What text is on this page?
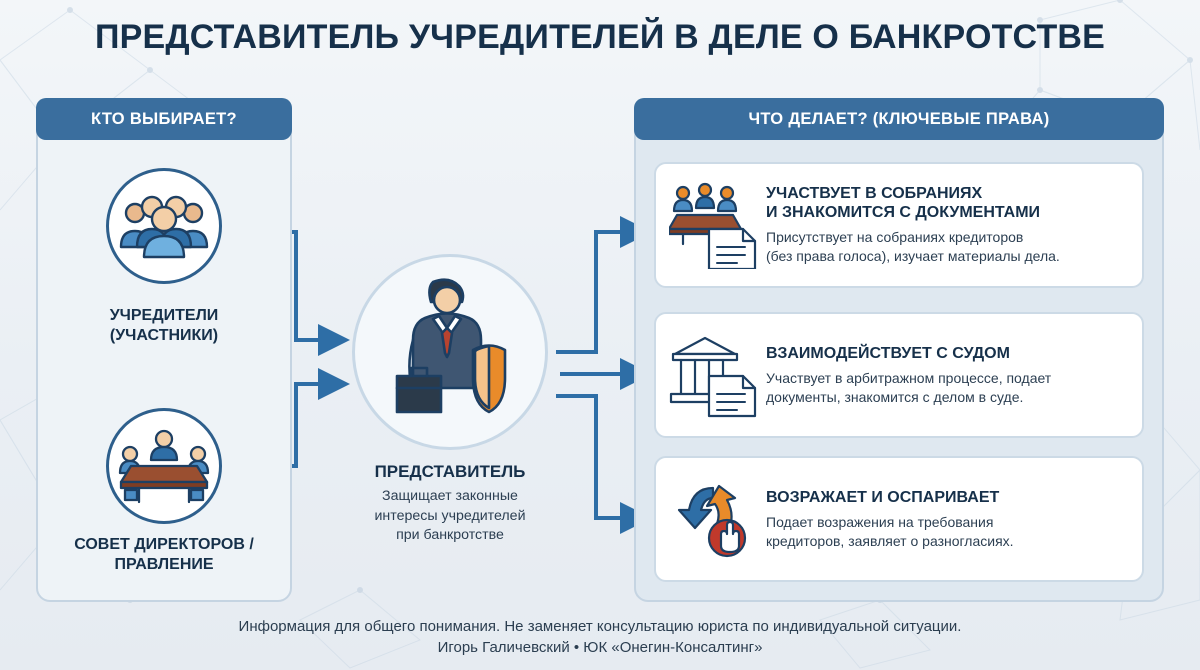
ПРЕДСТАВИТЕЛЬ УЧРЕДИТЕЛЕЙ В ДЕЛЕ О БАНКРОТСТВЕ
КТО ВЫБИРАЕТ?
УЧРЕДИТЕЛИ
(УЧАСТНИКИ)
СОВЕТ ДИРЕКТОРОВ /
ПРАВЛЕНИЕ
ПРЕДСТАВИТЕЛЬ
Защищает законные
интересы учредителей
при банкротстве
ЧТО ДЕЛАЕТ? (КЛЮЧЕВЫЕ ПРАВА)
УЧАСТВУЕТ В СОБРАНИЯХ
И ЗНАКОМИТСЯ С ДОКУМЕНТАМИ
Присутствует на собраниях кредиторов
(без права голоса), изучает материалы дела.
ВЗАИМОДЕЙСТВУЕТ С СУДОМ
Участвует в арбитражном процессе, подает
документы, знакомится с делом в суде.
ВОЗРАЖАЕТ И ОСПАРИВАЕТ
Подает возражения на требования
кредиторов, заявляет о разногласиях.
Информация для общего понимания. Не заменяет консультацию юриста по индивидуальной ситуации.
Игорь Галичевский • ЮК «Онегин-Консалтинг»
